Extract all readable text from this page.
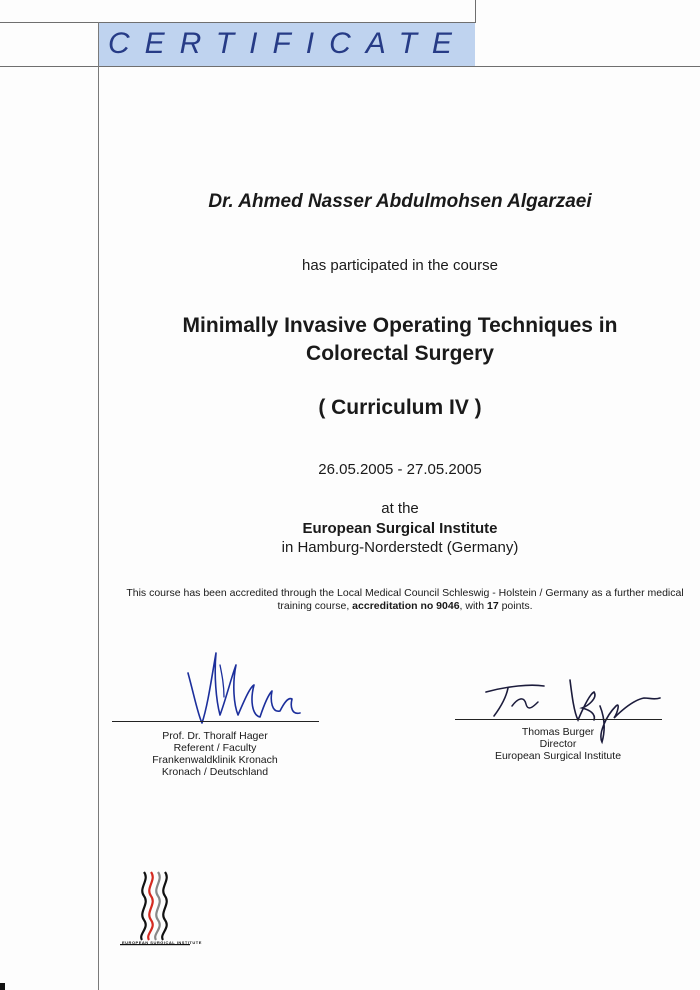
CERTIFICATE
Dr. Ahmed Nasser Abdulmohsen Algarzaei
has participated in the course
Minimally Invasive Operating Techniques in
Colorectal Surgery
( Curriculum IV )
26.05.2005 - 27.05.2005
at the
European Surgical Institute
in Hamburg-Norderstedt (Germany)
This course has been accredited through the Local Medical Council Schleswig - Holstein / Germany as a further medical
training course, accreditation no 9046, with 17 points.
Prof. Dr. Thoralf Hager
Referent / Faculty
Frankenwaldklinik Kronach
Kronach / Deutschland
Thomas Burger
Director
European Surgical Institute
EUROPEAN SURGICAL INSTITUTE
